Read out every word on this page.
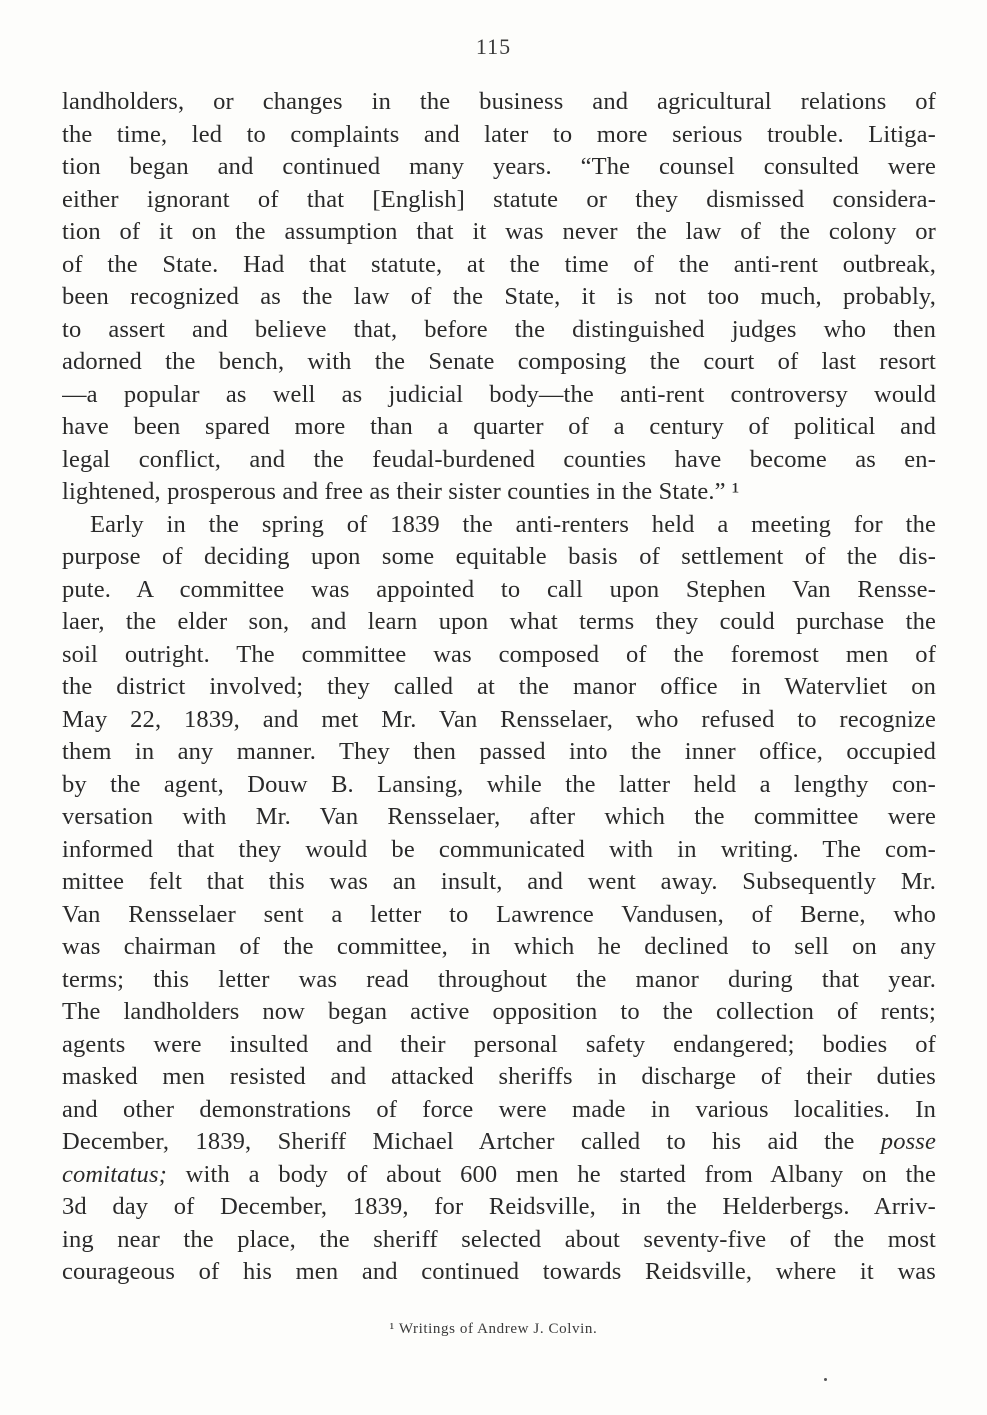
115
landholders, or changes in the business and agricultural relations of
the time, led to complaints and later to more serious trouble. Litiga-
tion began and continued many years. “The counsel consulted were
either ignorant of that [English] statute or they dismissed considera-
tion of it on the assumption that it was never the law of the colony or
of the State. Had that statute, at the time of the anti-rent outbreak,
been recognized as the law of the State, it is not too much, probably,
to assert and believe that, before the distinguished judges who then
adorned the bench, with the Senate composing the court of last resort
—a popular as well as judicial body—the anti-rent controversy would
have been spared more than a quarter of a century of political and
legal conflict, and the feudal-burdened counties have become as en-
lightened, prosperous and free as their sister counties in the State.” ¹
Early in the spring of 1839 the anti-renters held a meeting for the
purpose of deciding upon some equitable basis of settlement of the dis-
pute. A committee was appointed to call upon Stephen Van Rensse-
laer, the elder son, and learn upon what terms they could purchase the
soil outright. The committee was composed of the foremost men of
the district involved; they called at the manor office in Watervliet on
May 22, 1839, and met Mr. Van Rensselaer, who refused to recognize
them in any manner. They then passed into the inner office, occupied
by the agent, Douw B. Lansing, while the latter held a lengthy con-
versation with Mr. Van Rensselaer, after which the committee were
informed that they would be communicated with in writing. The com-
mittee felt that this was an insult, and went away. Subsequently Mr.
Van Rensselaer sent a letter to Lawrence Vandusen, of Berne, who
was chairman of the committee, in which he declined to sell on any
terms; this letter was read throughout the manor during that year.
The landholders now began active opposition to the collection of rents;
agents were insulted and their personal safety endangered; bodies of
masked men resisted and attacked sheriffs in discharge of their duties
and other demonstrations of force were made in various localities. In
December, 1839, Sheriff Michael Artcher called to his aid the posse
comitatus; with a body of about 600 men he started from Albany on the
3d day of December, 1839, for Reidsville, in the Helderbergs. Arriv-
ing near the place, the sheriff selected about seventy-five of the most
courageous of his men and continued towards Reidsville, where it was
¹ Writings of Andrew J. Colvin.
